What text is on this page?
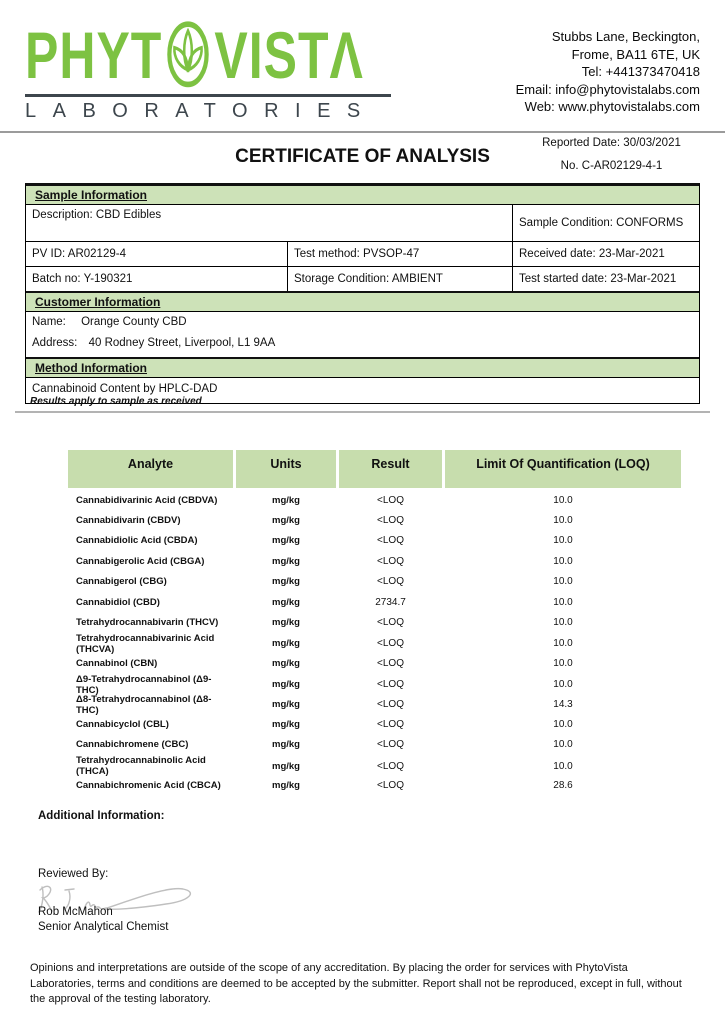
PHYT VISTΛ
LABORATORIES
Stubbs Lane, Beckington,
Frome, BA11 6TE, UK
Tel: +441373470418
Email: info@phytovistalabs.com
Web: www.phytovistalabs.com
Reported Date: 30/03/2021
No. C-AR02129-4-1
CERTIFICATE OF ANALYSIS
Sample Information
Description: CBD Edibles
Sample Condition: CONFORMS
PV ID: AR02129-4	Test method: PVSOP-47	Received date: 23-Mar-2021
Batch no: Y-190321	Storage Condition: AMBIENT	Test started date: 23-Mar-2021
Customer Information
Name: Orange County CBD
Address: 40 Rodney Street, Liverpool, L1 9AA
Method Information
Cannabinoid Content by HPLC-DAD
Results apply to sample as received
Analyte	Units	Result	Limit Of Quantification (LOQ)
Cannabidivarinic Acid (CBDVA)	mg/kg	<LOQ	10.0
Cannabidivarin (CBDV)	mg/kg	<LOQ	10.0
Cannabidiolic Acid (CBDA)	mg/kg	<LOQ	10.0
Cannabigerolic Acid (CBGA)	mg/kg	<LOQ	10.0
Cannabigerol (CBG)	mg/kg	<LOQ	10.0
Cannabidiol (CBD)	mg/kg	2734.7	10.0
Tetrahydrocannabivarin (THCV)	mg/kg	<LOQ	10.0
Tetrahydrocannabivarinic Acid (THCVA)	mg/kg	<LOQ	10.0
Cannabinol (CBN)	mg/kg	<LOQ	10.0
Δ9-Tetrahydrocannabinol (Δ9-THC)	mg/kg	<LOQ	10.0
Δ8-Tetrahydrocannabinol (Δ8-THC)	mg/kg	<LOQ	14.3
Cannabicyclol (CBL)	mg/kg	<LOQ	10.0
Cannabichromene (CBC)	mg/kg	<LOQ	10.0
Tetrahydrocannabinolic Acid (THCA)	mg/kg	<LOQ	10.0
Cannabichromenic Acid (CBCA)	mg/kg	<LOQ	28.6
Additional Information:
Reviewed By:
Rob McMahon
Senior Analytical Chemist
Opinions and interpretations are outside of the scope of any accreditation. By placing the order for services with PhytoVista Laboratories, terms and conditions are deemed to be accepted by the submitter. Report shall not be reproduced, except in full, without the approval of the testing laboratory.
